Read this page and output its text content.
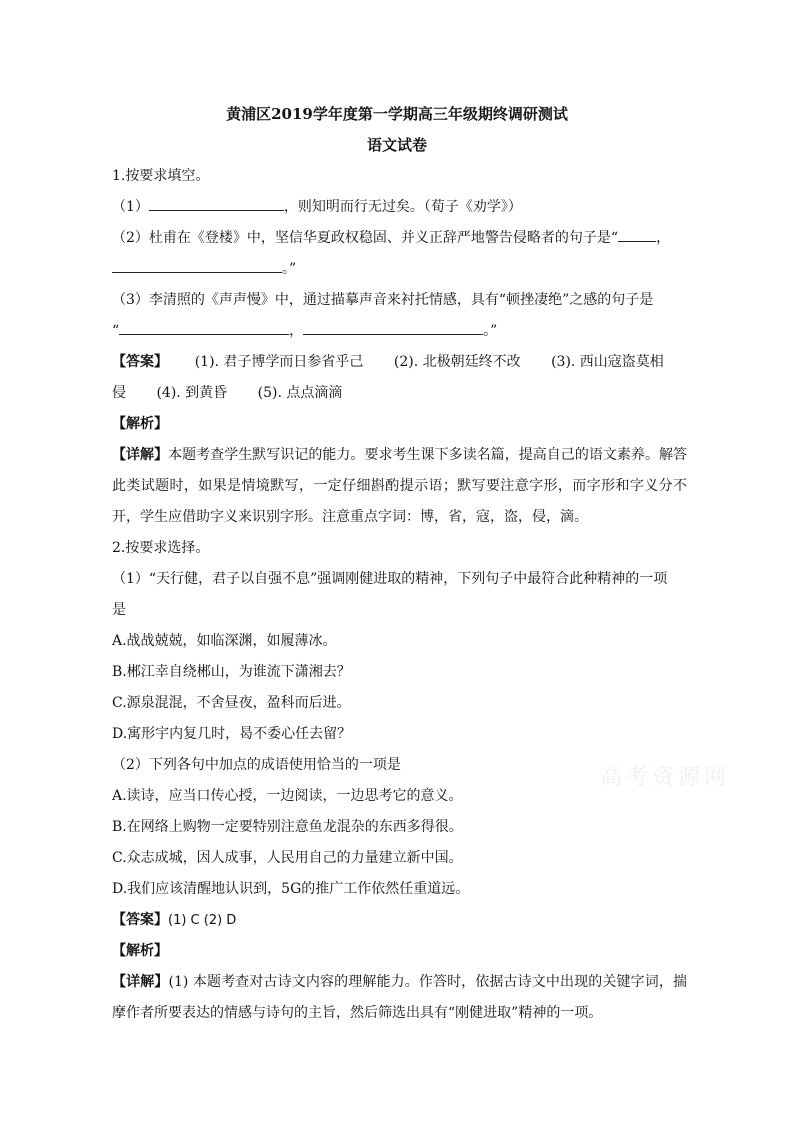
黄浦区2019学年度第一学期高三年级期终调研测试
语文试卷
1.按要求填空。
（1）	，则知明而行无过矣。（荀子《劝学》）
（2）杜甫在《登楼》中，坚信华夏政权稳固、并义正辞严地警告侵略者的句子是“	，
。”
（3）李清照的《声声慢》中，通过描摹声音来衬托情感，具有“顿挫凄绝”之感的句子是
“	，	。”
【答案】 (1). 君子博学而日参省乎己 (2). 北极朝廷终不改 (3). 西山寇盗莫相
侵 (4). 到黄昏 (5). 点点滴滴
【解析】
【详解】本题考查学生默写识记的能力。要求考生课下多读名篇，提高自己的语文素养。解答此类试题时，如果是情境默写，一定仔细斟酌提示语；默写要注意字形，而字形和字义分不开，学生应借助字义来识别字形。注意重点字词：博，省，寇，盗，侵，滴。
2.按要求选择。
（1）“天行健，君子以自强不息”强调刚健进取的精神，下列句子中最符合此种精神的一项
是
A.战战兢兢，如临深渊，如履薄冰。
B.郴江幸自绕郴山，为谁流下潇湘去？
C.源泉混混，不舍昼夜，盈科而后进。
D.寓形宇内复几时，曷不委心任去留？
（2）下列各句中加点的成语使用恰当的一项是
A.读诗，应当口传心授，一边阅读，一边思考它的意义。
B.在网络上购物一定要特别注意鱼龙混杂的东西多得很。
C.众志成城，因人成事，人民用自己的力量建立新中国。
D.我们应该清醒地认识到，5G的推广工作依然任重道远。
【答案】(1) C (2) D
【解析】
【详解】(1) 本题考查对古诗文内容的理解能力。作答时，依据古诗文中出现的关键字词，揣摩作者所要表达的情感与诗句的主旨，然后筛选出具有“刚健进取”精神的一项。
高考资源网
